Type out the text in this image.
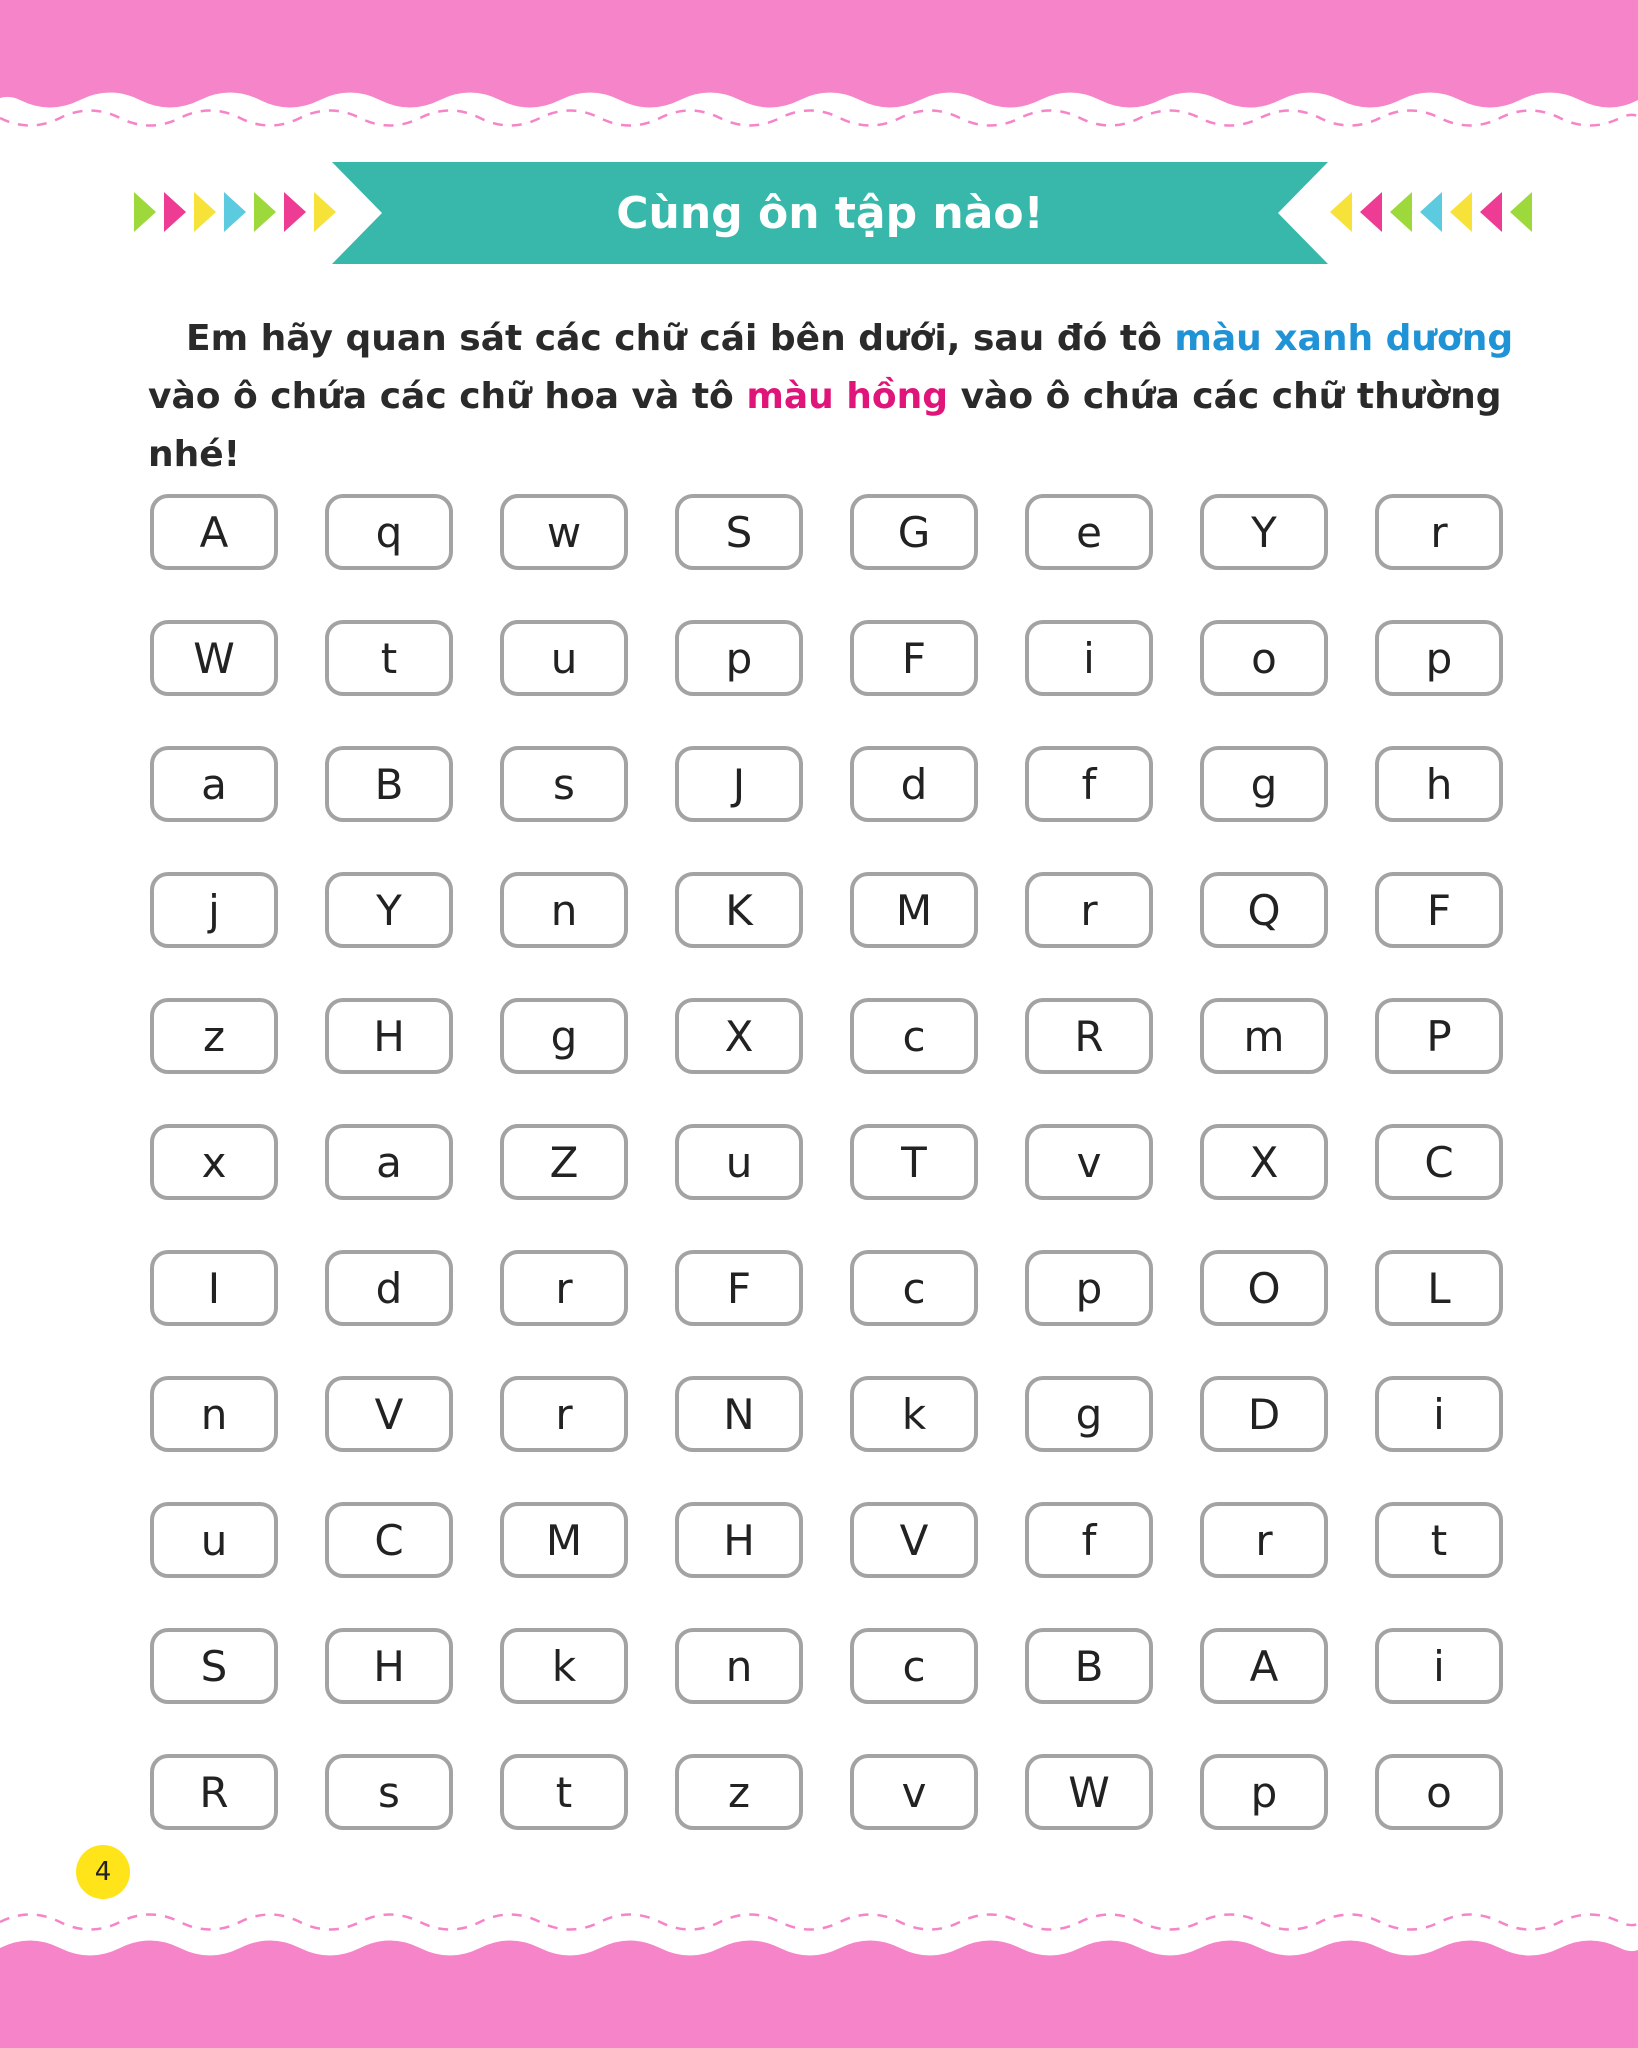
Cùng ôn tập nào!
Em hãy quan sát các chữ cái bên dưới, sau đó tô màu xanh dương vào ô chứa các chữ hoa và tô màu hồng vào ô chứa các chữ thường nhé!
A	q	w	S	G	e	Y	r
W	t	u	p	F	i	o	p
a	B	s	J	d	f	g	h
j	Y	n	K	M	r	Q	F
z	H	g	X	c	R	m	P
x	a	Z	u	T	v	X	C
I	d	r	F	c	p	O	L
n	V	r	N	k	g	D	i
u	C	M	H	V	f	r	t
S	H	k	n	c	B	A	i
R	s	t	z	v	W	p	o
4
